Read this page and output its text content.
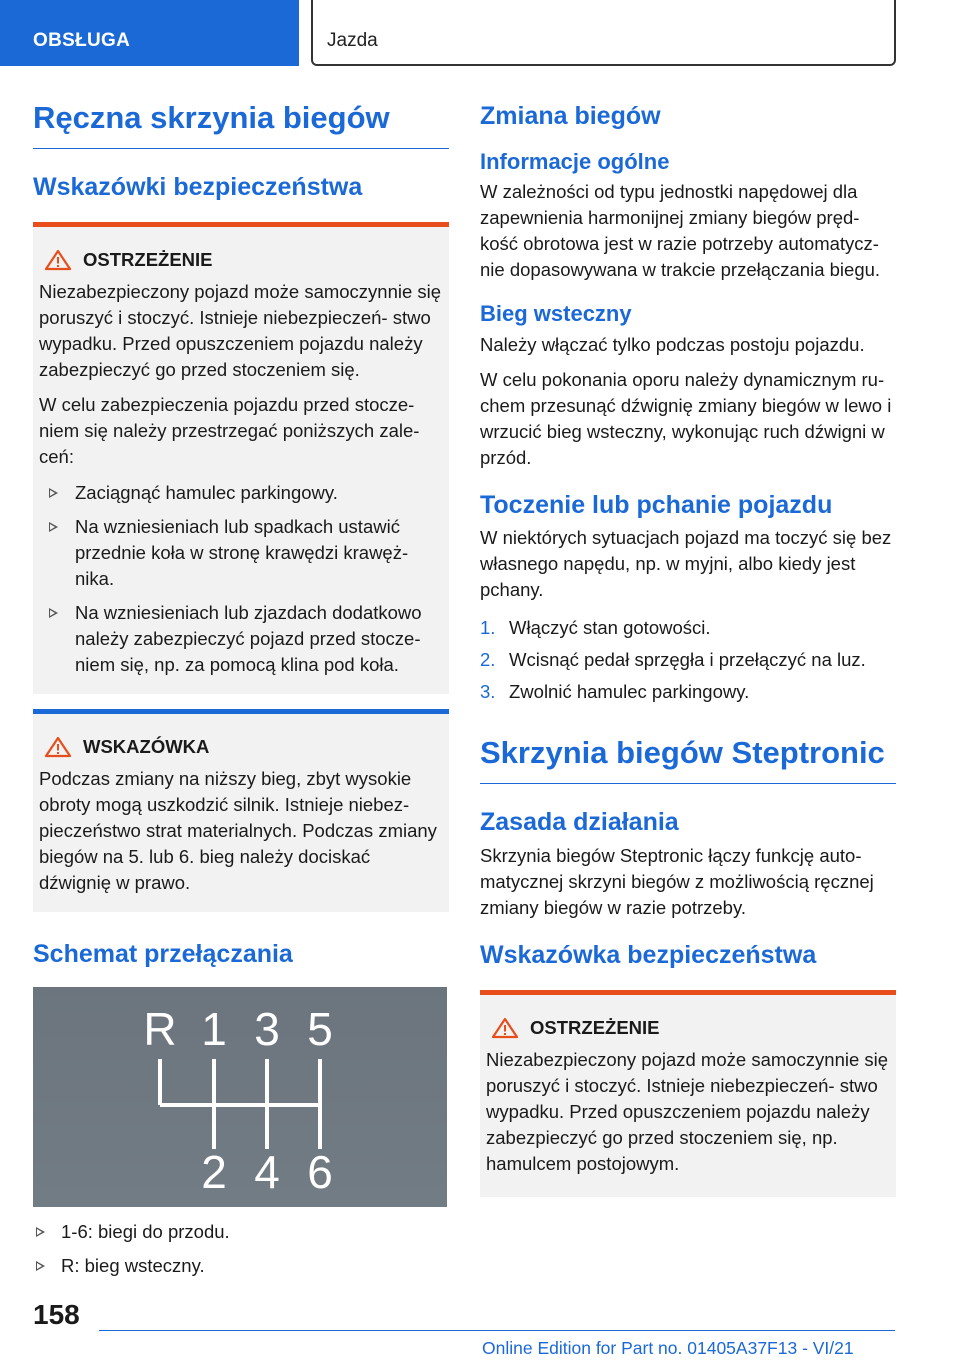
OBSŁUGA	Jazda
Ręczna skrzynia biegów
Wskazówki bezpieczeństwa
OSTRZEŻENIE

Niezabezpieczony pojazd może samoczynnie się poruszyć i stoczyć. Istnieje niebezpieczeń- stwo wypadku. Przed opuszczeniem pojazdu należy zabezpieczyć go przed stoczeniem się.

W celu zabezpieczenia pojazdu przed stocze- niem się należy przestrzegać poniższych zale- ceń:

Zaciągnąć hamulec parkingowy.
Na wzniesieniach lub spadkach ustawić przednie koła w stronę krawędzi krawęż- nika.
Na wzniesieniach lub zjazdach dodatkowo należy zabezpieczyć pojazd przed stocze- niem się, np. za pomocą klina pod koła.
WSKAZÓWKA

Podczas zmiany na niższy bieg, zbyt wysokie obroty mogą uszkodzić silnik. Istnieje niebez- pieczeństwo strat materialnych. Podczas zmiany biegów na 5. lub 6. bieg należy dociskać dźwignię w prawo.

Schemat przełączania
R 1 3 5
2 4 6
1-6: biegi do przodu.
R: bieg wsteczny.
Zmiana biegów
Informacje ogólne

W zależności od typu jednostki napędowej dla zapewnienia harmonijnej zmiany biegów pręd- kość obrotowa jest w razie potrzeby automatycz- nie dopasowywana w trakcie przełączania biegu.

Bieg wsteczny

Należy włączać tylko podczas postoju pojazdu.

W celu pokonania oporu należy dynamicznym ru- chem przesunąć dźwignię zmiany biegów w lewo i wrzucić bieg wsteczny, wykonując ruch dźwigni w przód.

Toczenie lub pchanie pojazdu

W niektórych sytuacjach pojazd ma toczyć się bez własnego napędu, np. w myjni, albo kiedy jest pchany.

1. Włączyć stan gotowości.
2. Wcisnąć pedał sprzęgła i przełączyć na luz.
3. Zwolnić hamulec parkingowy.
Skrzynia biegów Steptronic
Zasada działania

Skrzynia biegów Steptronic łączy funkcję auto- matycznej skrzyni biegów z możliwością ręcznej zmiany biegów w razie potrzeby.

Wskazówka bezpieczeństwa
OSTRZEŻENIE

Niezabezpieczony pojazd może samoczynnie się poruszyć i stoczyć. Istnieje niebezpieczeń- stwo wypadku. Przed opuszczeniem pojazdu należy zabezpieczyć go przed stoczeniem się, np. hamulcem postojowym.

158
Online Edition for Part no. 01405A37F13 - VI/21
